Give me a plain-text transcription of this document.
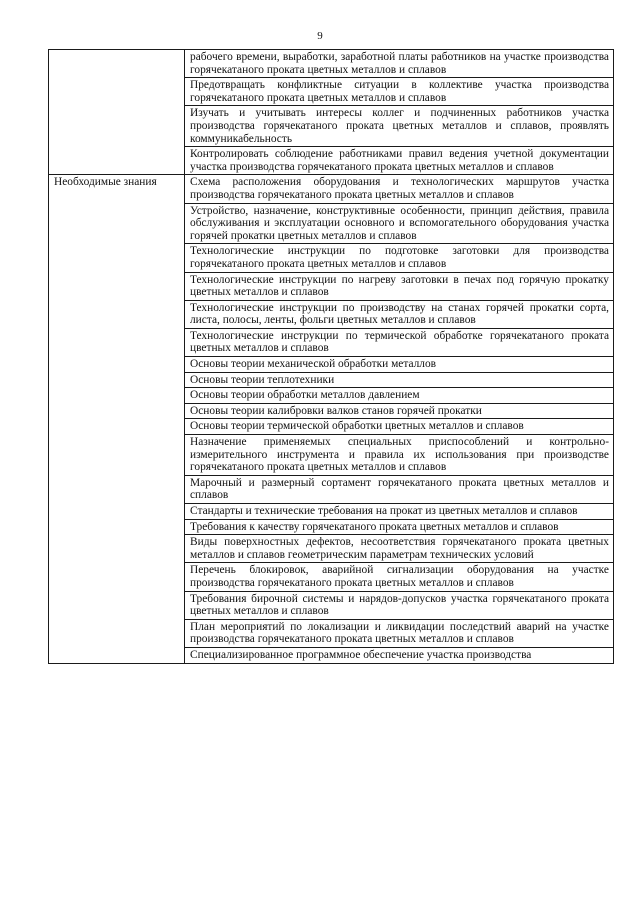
9
	рабочего времени, выработки, заработной платы работников на участке производства горячекатаного проката цветных металлов и сплавов
	Предотвращать конфликтные ситуации в коллективе участка производства горячекатаного проката цветных металлов и сплавов
	Изучать и учитывать интересы коллег и подчиненных работников участка производства горячекатаного проката цветных металлов и сплавов, проявлять коммуникабельность
	Контролировать соблюдение работниками правил ведения учетной документации участка производства горячекатаного проката цветных металлов и сплавов
Необходимые знания	Схема расположения оборудования и технологических маршрутов участка производства горячекатаного проката цветных металлов и сплавов
	Устройство, назначение, конструктивные особенности, принцип действия, правила обслуживания и эксплуатации основного и вспомогательного оборудования участка горячей прокатки цветных металлов и сплавов
	Технологические инструкции по подготовке заготовки для производства горячекатаного проката цветных металлов и сплавов
	Технологические инструкции по нагреву заготовки в печах под горячую прокатку цветных металлов и сплавов
	Технологические инструкции по производству на станах горячей прокатки сорта, листа, полосы, ленты, фольги цветных металлов и сплавов
	Технологические инструкции по термической обработке горячекатаного проката цветных металлов и сплавов
	Основы теории механической обработки металлов
	Основы теории теплотехники
	Основы теории обработки металлов давлением
	Основы теории калибровки валков станов горячей прокатки
	Основы теории термической обработки цветных металлов и сплавов
	Назначение применяемых специальных приспособлений и контрольно-измерительного инструмента и правила их использования при производстве горячекатаного проката цветных металлов и сплавов
	Марочный и размерный сортамент горячекатаного проката цветных металлов и сплавов
	Стандарты и технические требования на прокат из цветных металлов и сплавов
	Требования к качеству горячекатаного проката цветных металлов и сплавов
	Виды поверхностных дефектов, несоответствия горячекатаного проката цветных металлов и сплавов геометрическим параметрам технических условий
	Перечень блокировок, аварийной сигнализации оборудования на участке производства горячекатаного проката цветных металлов и сплавов
	Требования бирочной системы и нарядов-допусков участка горячекатаного проката цветных металлов и сплавов
	План мероприятий по локализации и ликвидации последствий аварий на участке производства горячекатаного проката цветных металлов и сплавов
	Специализированное программное обеспечение участка производства
